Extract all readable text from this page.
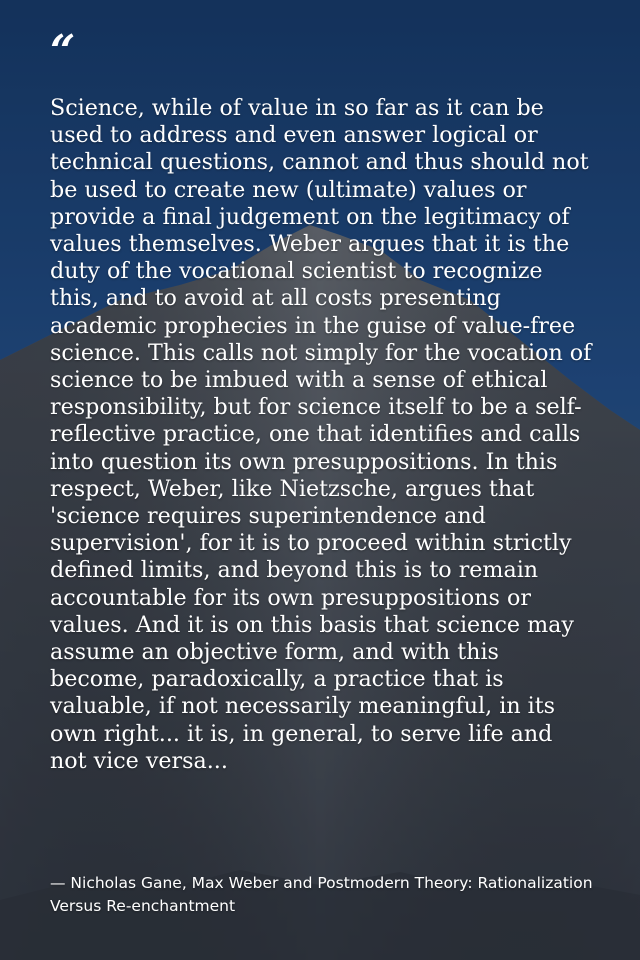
“

Science, while of value in so far as it can be used to address and even answer logical or technical questions, cannot and thus should not be used to create new (ultimate) values or provide a final judgement on the legitimacy of values themselves. Weber argues that it is the duty of the vocational scientist to recognize this, and to avoid at all costs presenting academic prophecies in the guise of value-free science. This calls not simply for the vocation of science to be imbued with a sense of ethical responsibility, but for science itself to be a self-reflective practice, one that identifies and calls into question its own presuppositions. In this respect, Weber, like Nietzsche, argues that 'science requires superintendence and supervision', for it is to proceed within strictly defined limits, and beyond this is to remain accountable for its own presuppositions or values. And it is on this basis that science may assume an objective form, and with this become, paradoxically, a practice that is valuable, if not necessarily meaningful, in its own right... it is, in general, to serve life and not vice versa...

— Nicholas Gane, Max Weber and Postmodern Theory: Rationalization Versus Re-enchantment
